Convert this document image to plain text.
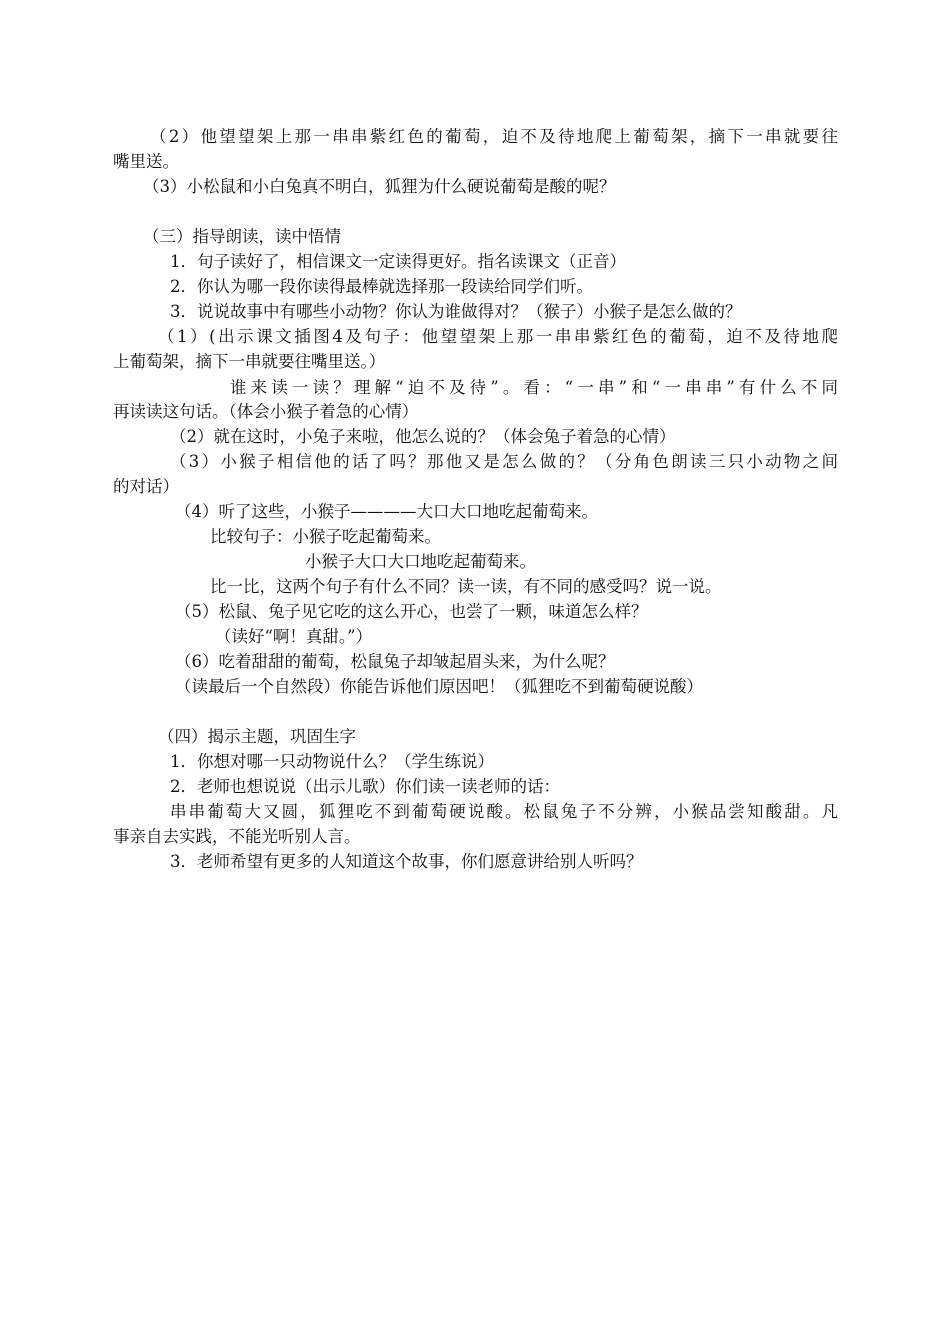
（2）他望望架上那一串串紫红色的葡萄，迫不及待地爬上葡萄架，摘下一串就要往
嘴里送。
（3）小松鼠和小白兔真不明白，狐狸为什么硬说葡萄是酸的呢？
（三）指导朗读，读中悟情
1．句子读好了，相信课文一定读得更好。指名读课文（正音）
2．你认为哪一段你读得最棒就选择那一段读给同学们听。
3．说说故事中有哪些小动物？你认为谁做得对？（猴子）小猴子是怎么做的？
（1）(出示课文插图4及句子：他望望架上那一串串紫红色的葡萄，迫不及待地爬
上葡萄架，摘下一串就要往嘴里送。）
谁来读一读？理解“迫不及待”。看：“一串”和“一串串”有什么不同
再读读这句话。（体会小猴子着急的心情）
（2）就在这时，小兔子来啦，他怎么说的？（体会兔子着急的心情）
（3）小猴子相信他的话了吗？那他又是怎么做的？（分角色朗读三只小动物之间
的对话）
（4）听了这些，小猴子————大口大口地吃起葡萄来。
比较句子：小猴子吃起葡萄来。
小猴子大口大口地吃起葡萄来。
比一比，这两个句子有什么不同？读一读，有不同的感受吗？说一说。
（5）松鼠、兔子见它吃的这么开心，也尝了一颗，味道怎么样？
（读好“啊！真甜。”）
（6）吃着甜甜的葡萄，松鼠兔子却皱起眉头来，为什么呢？
（读最后一个自然段）你能告诉他们原因吧！（狐狸吃不到葡萄硬说酸）
（四）揭示主题，巩固生字
1．你想对哪一只动物说什么？（学生练说）
2．老师也想说说（出示儿歌）你们读一读老师的话：
串串葡萄大又圆，狐狸吃不到葡萄硬说酸。松鼠兔子不分辨，小猴品尝知酸甜。凡
事亲自去实践，不能光听别人言。
3．老师希望有更多的人知道这个故事，你们愿意讲给别人听吗？
